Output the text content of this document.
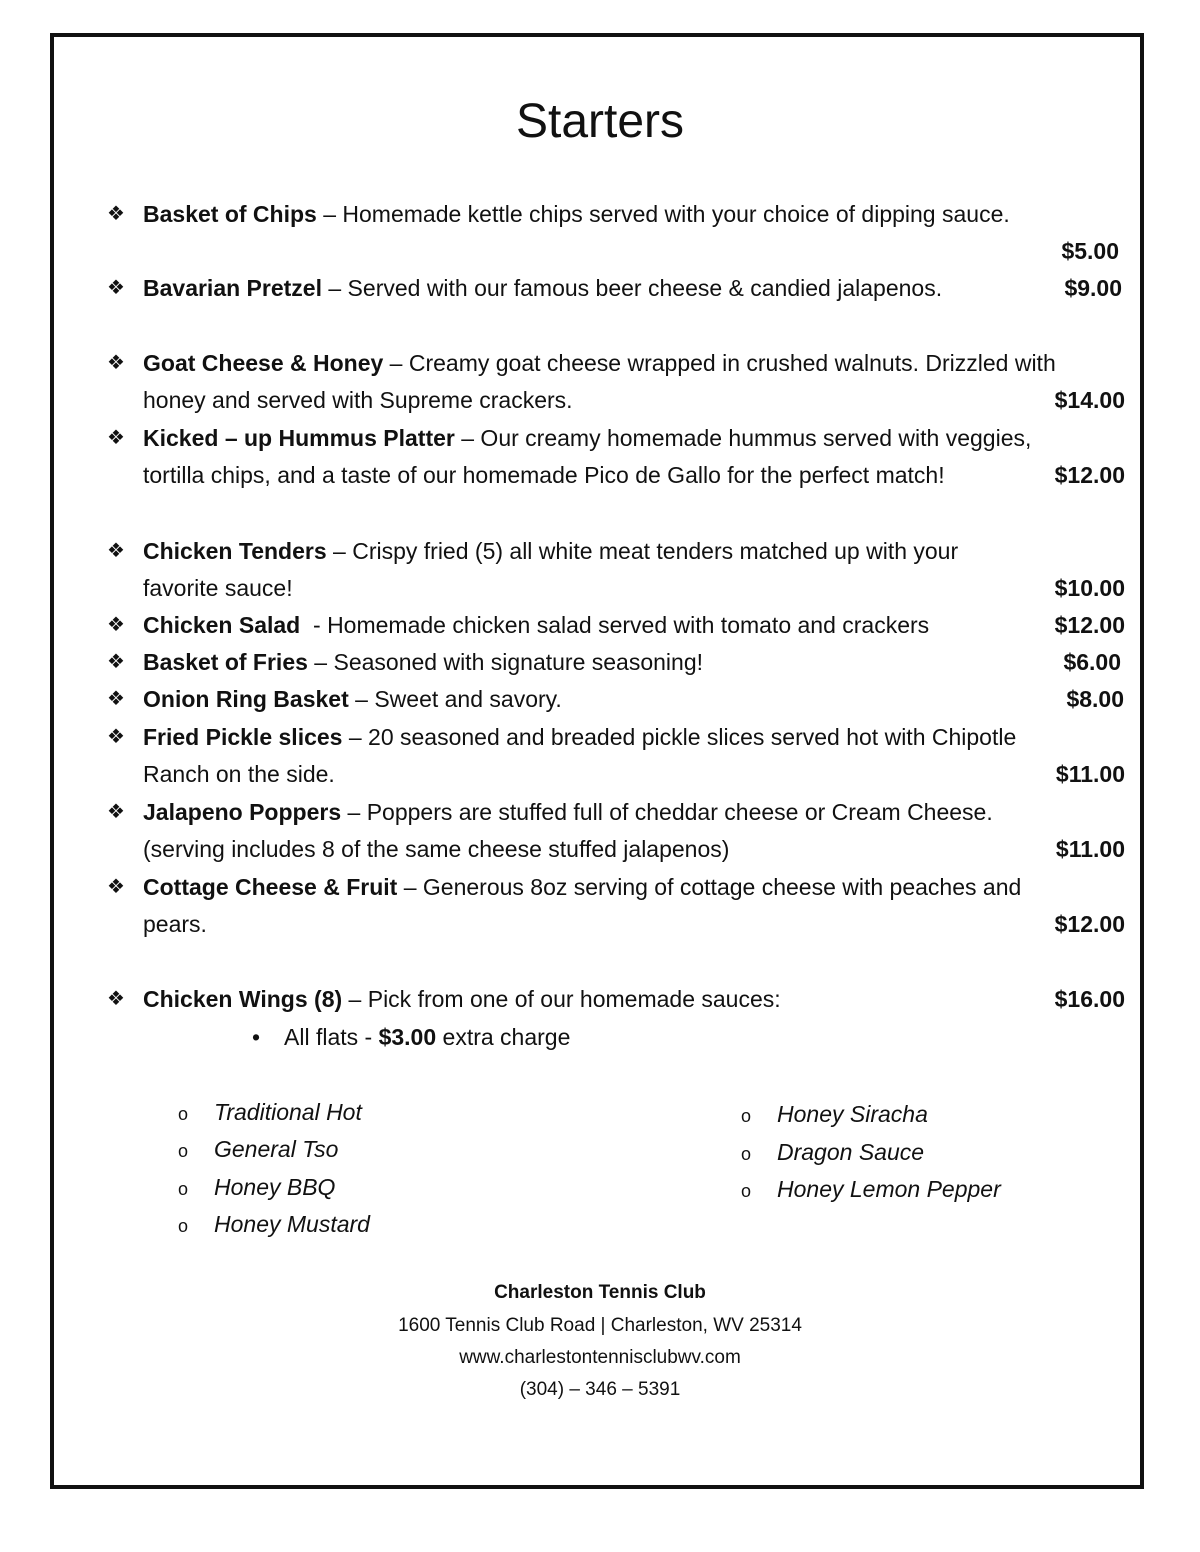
Starters
❖ Basket of Chips – Homemade kettle chips served with your choice of dipping sauce.
$5.00
❖ Bavarian Pretzel – Served with our famous beer cheese & candied jalapenos.	$9.00
❖ Goat Cheese & Honey – Creamy goat cheese wrapped in crushed walnuts. Drizzled with
honey and served with Supreme crackers.	$14.00
❖ Kicked – up Hummus Platter – Our creamy homemade hummus served with veggies,
tortilla chips, and a taste of our homemade Pico de Gallo for the perfect match!	$12.00
❖ Chicken Tenders – Crispy fried (5) all white meat tenders matched up with your
favorite sauce!	$10.00
❖ Chicken Salad  - Homemade chicken salad served with tomato and crackers	$12.00
❖ Basket of Fries – Seasoned with signature seasoning!	$6.00
❖ Onion Ring Basket – Sweet and savory.	$8.00
❖ Fried Pickle slices – 20 seasoned and breaded pickle slices served hot with Chipotle
Ranch on the side.	$11.00
❖ Jalapeno Poppers – Poppers are stuffed full of cheddar cheese or Cream Cheese.
(serving includes 8 of the same cheese stuffed jalapenos)	$11.00
❖ Cottage Cheese & Fruit – Generous 8oz serving of cottage cheese with peaches and
pears.	$12.00
❖ Chicken Wings (8) – Pick from one of our homemade sauces:	$16.00
• All flats - $3.00 extra charge
o Traditional Hot
o General Tso
o Honey BBQ
o Honey Mustard
o Honey Siracha
o Dragon Sauce
o Honey Lemon Pepper
Charleston Tennis Club
1600 Tennis Club Road | Charleston, WV 25314
www.charlestontennisclubwv.com
(304) – 346 – 5391
